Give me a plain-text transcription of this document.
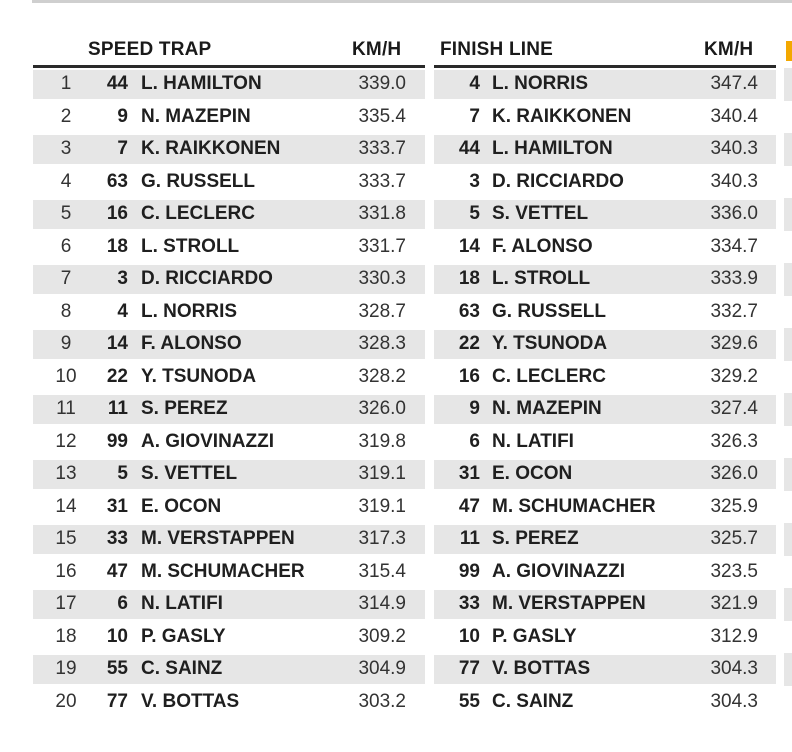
SPEED TRAP	KM/H FINISH LINE	KM/H
1	44 L. HAMILTON	339.0	4 L. NORRIS	347.4
2	9 N. MAZEPIN	335.4	7 K. RAIKKONEN	340.4
3	7 K. RAIKKONEN	333.7	44 L. HAMILTON	340.3
4	63 G. RUSSELL	333.7	3 D. RICCIARDO	340.3
5	16 C. LECLERC	331.8	5 S. VETTEL	336.0
6	18 L. STROLL	331.7	14 F. ALONSO	334.7
7	3 D. RICCIARDO	330.3	18 L. STROLL	333.9
8	4 L. NORRIS	328.7	63 G. RUSSELL	332.7
9	14 F. ALONSO	328.3	22 Y. TSUNODA	329.6
10	22 Y. TSUNODA	328.2	16 C. LECLERC	329.2
11	11 S. PEREZ	326.0	9 N. MAZEPIN	327.4
12	99 A. GIOVINAZZI	319.8	6 N. LATIFI	326.3
13	5 S. VETTEL	319.1	31 E. OCON	326.0
14	31 E. OCON	319.1	47 M. SCHUMACHER	325.9
15	33 M. VERSTAPPEN	317.3	11 S. PEREZ	325.7
16	47 M. SCHUMACHER	315.4	99 A. GIOVINAZZI	323.5
17	6 N. LATIFI	314.9	33 M. VERSTAPPEN	321.9
18	10 P. GASLY	309.2	10 P. GASLY	312.9
19	55 C. SAINZ	304.9	77 V. BOTTAS	304.3
20	77 V. BOTTAS	303.2	55 C. SAINZ	304.3
